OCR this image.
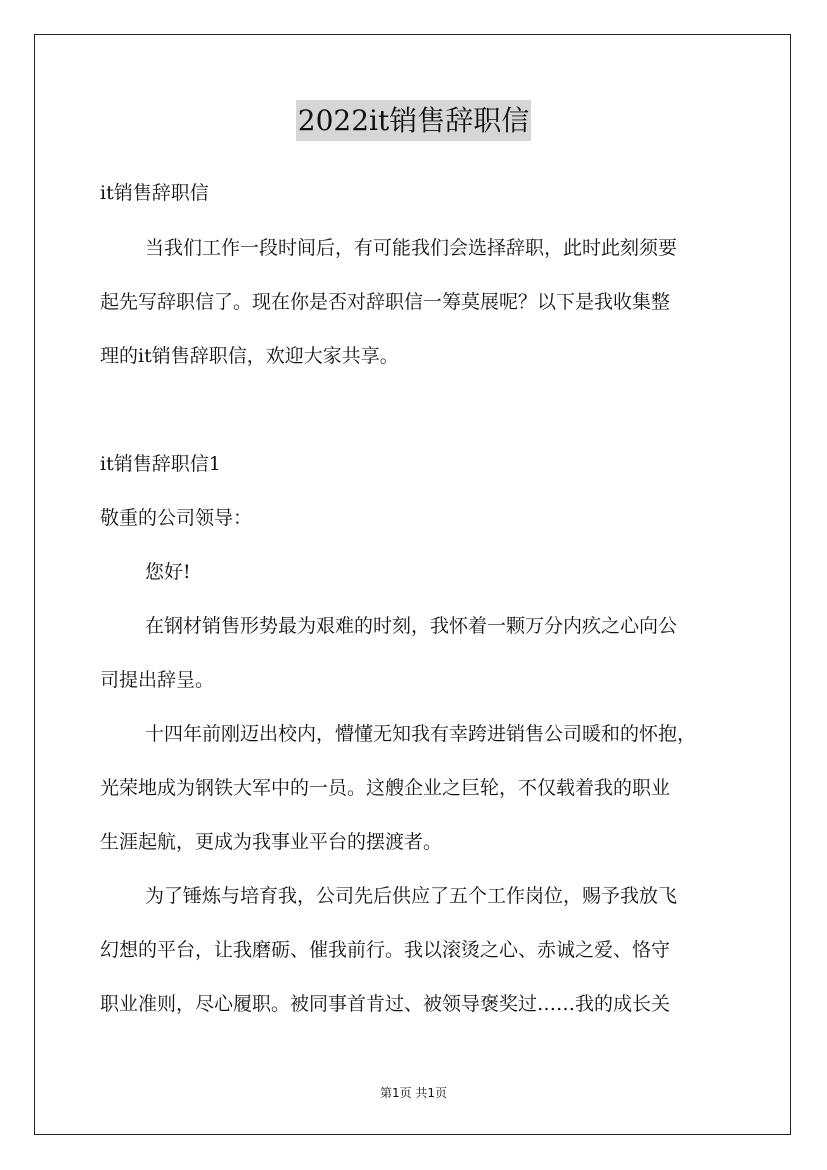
2022it销售辞职信
it销售辞职信
当我们工作一段时间后，有可能我们会选择辞职，此时此刻须要
起先写辞职信了。现在你是否对辞职信一筹莫展呢？以下是我收集整
理的it销售辞职信，欢迎大家共享。
it销售辞职信1
敬重的公司领导：
您好!
在钢材销售形势最为艰难的时刻，我怀着一颗万分内疚之心向公
司提出辞呈。
十四年前刚迈出校内，懵懂无知我有幸跨进销售公司暖和的怀抱，
光荣地成为钢铁大军中的一员。这艘企业之巨轮，不仅载着我的职业
生涯起航，更成为我事业平台的摆渡者。
为了锤炼与培育我，公司先后供应了五个工作岗位，赐予我放飞
幻想的平台，让我磨砺、催我前行。我以滚烫之心、赤诚之爱、恪守
职业准则，尽心履职。被同事首肯过、被领导褒奖过……我的成长关
第1页 共1页
